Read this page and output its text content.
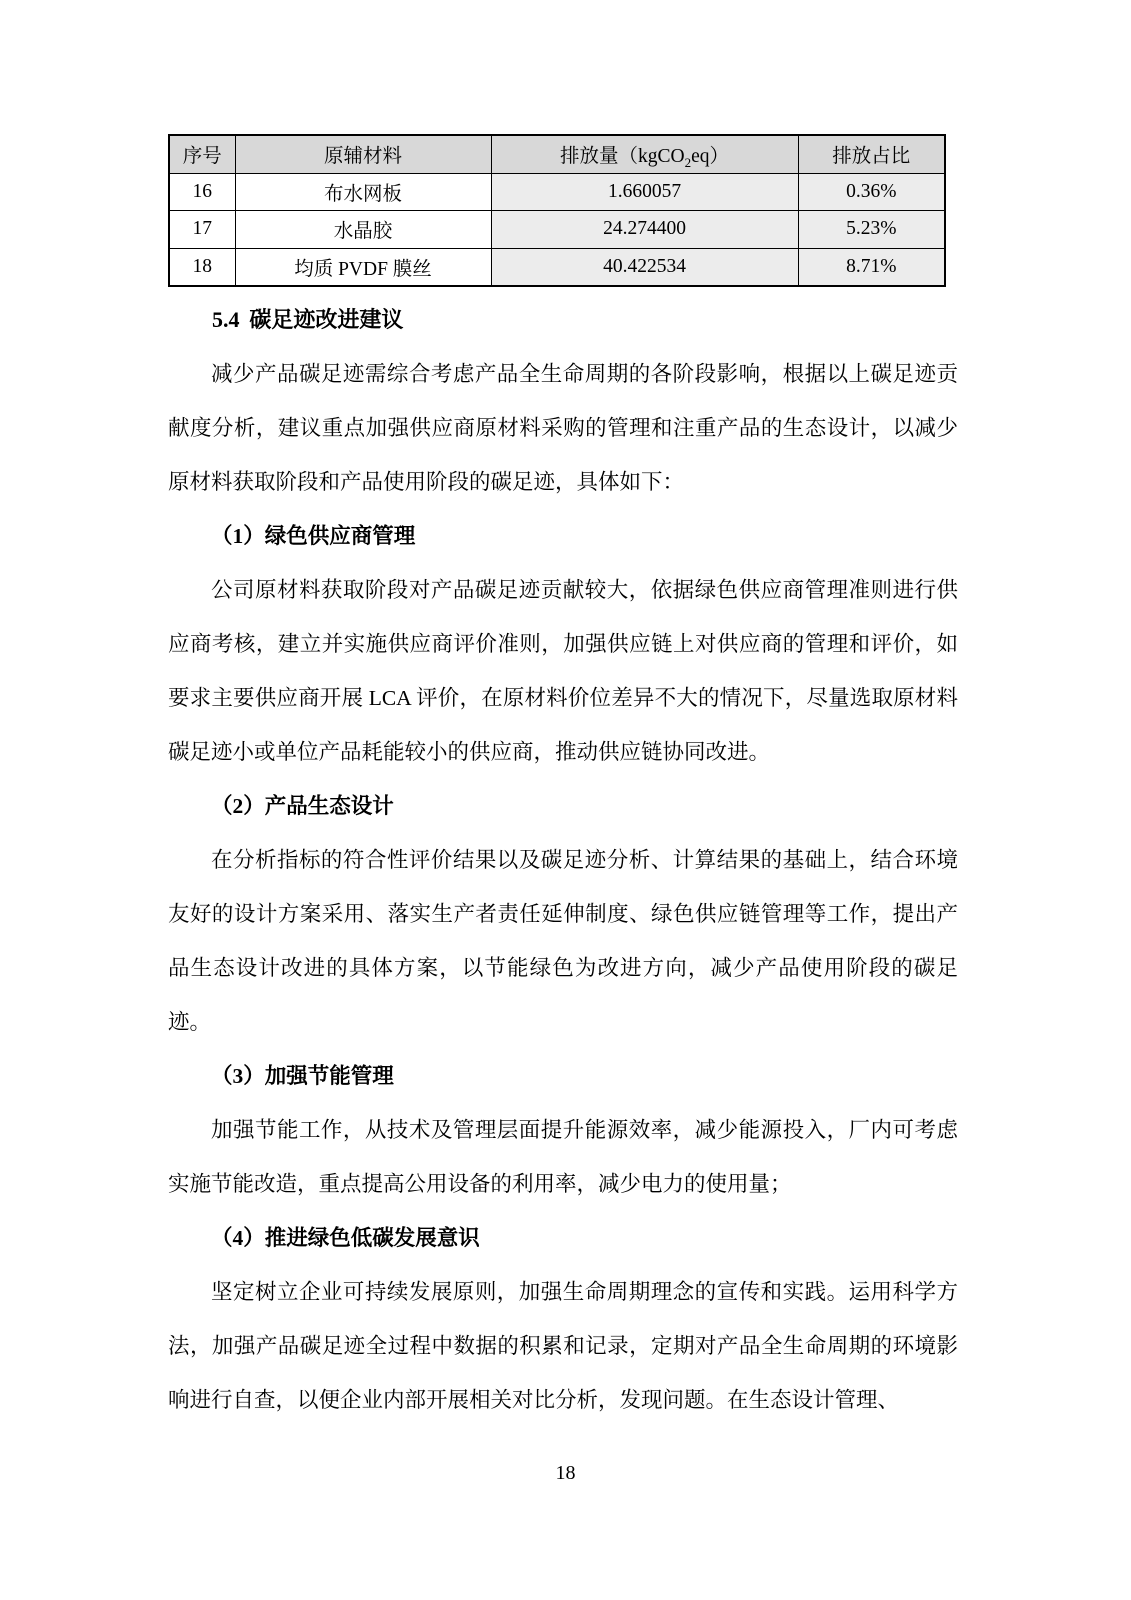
序号	原辅材料	排放量（kgCO$_2$eq）	排放占比
16	布水网板	1.660057	0.36%
17	水晶胶	24.274400	5.23%
18	均质 PVDF 膜丝	40.422534	8.71%
5.4 碳足迹改进建议

减少产品碳足迹需综合考虑产品全生命周期的各阶段影响，根据以上碳足迹贡献度分析，建议重点加强供应商原材料采购的管理和注重产品的生态设计，以减少原材料获取阶段和产品使用阶段的碳足迹，具体如下：

（1）绿色供应商管理

公司原材料获取阶段对产品碳足迹贡献较大，依据绿色供应商管理准则进行供应商考核，建立并实施供应商评价准则，加强供应链上对供应商的管理和评价，如要求主要供应商开展 LCA 评价，在原材料价位差异不大的情况下，尽量选取原材料碳足迹小或单位产品耗能较小的供应商，推动供应链协同改进。

（2）产品生态设计

在分析指标的符合性评价结果以及碳足迹分析、计算结果的基础上，结合环境友好的设计方案采用、落实生产者责任延伸制度、绿色供应链管理等工作，提出产品生态设计改进的具体方案，以节能绿色为改进方向，减少产品使用阶段的碳足迹。

（3）加强节能管理

加强节能工作，从技术及管理层面提升能源效率，减少能源投入，厂内可考虑实施节能改造，重点提高公用设备的利用率，减少电力的使用量；

（4）推进绿色低碳发展意识

坚定树立企业可持续发展原则，加强生命周期理念的宣传和实践。运用科学方法，加强产品碳足迹全过程中数据的积累和记录，定期对产品全生命周期的环境影响进行自查，以便企业内部开展相关对比分析，发现问题。在生态设计管理、

18
